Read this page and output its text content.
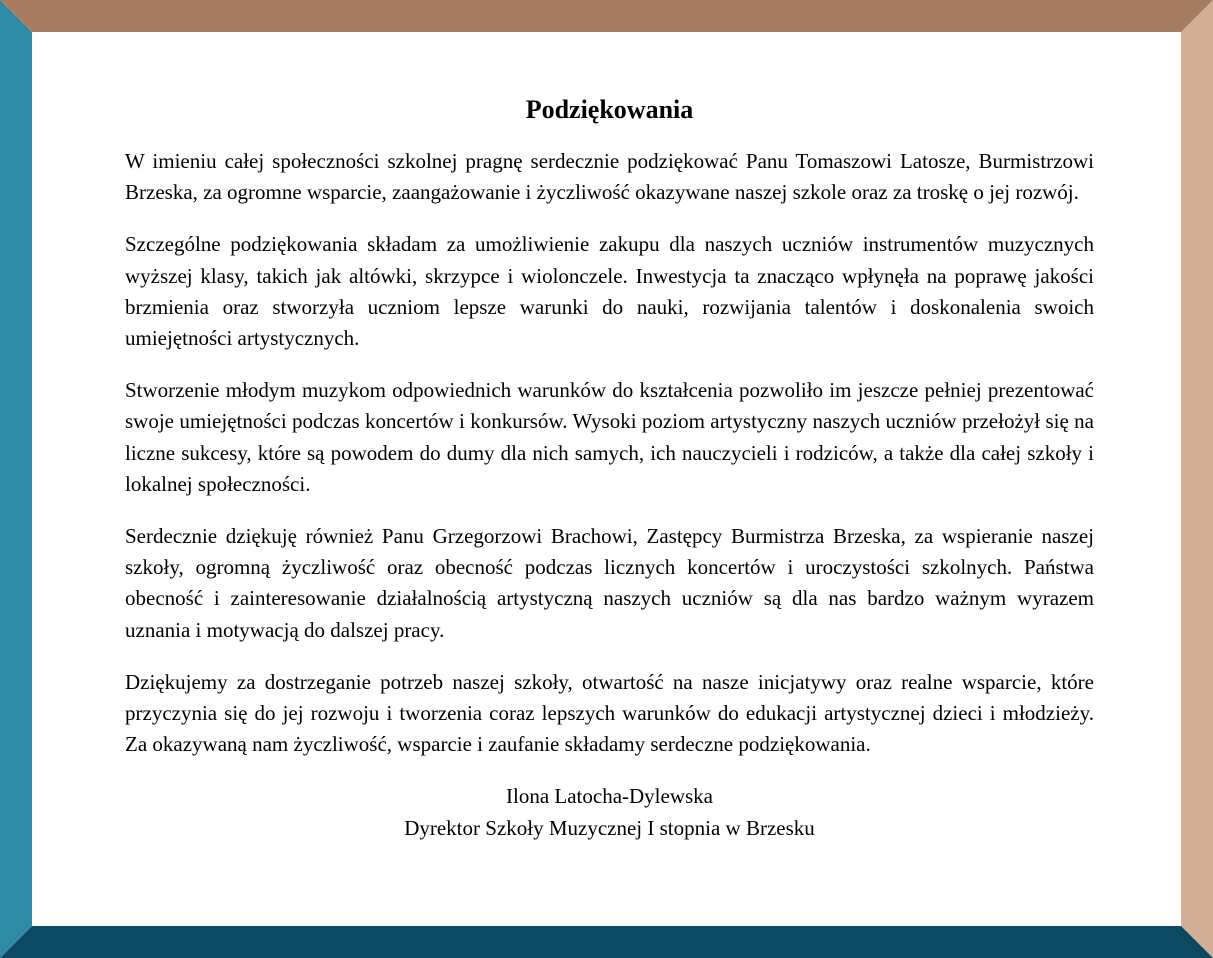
Podziękowania

W imieniu całej społeczności szkolnej pragnę serdecznie podziękować Panu Tomaszowi Latosze, Burmistrzowi Brzeska, za ogromne wsparcie, zaangażowanie i życzliwość okazywane naszej szkole oraz za troskę o jej rozwój.

Szczególne podziękowania składam za umożliwienie zakupu dla naszych uczniów instrumentów muzycznych wyższej klasy, takich jak altówki, skrzypce i wiolonczele. Inwestycja ta znacząco wpłynęła na poprawę jakości brzmienia oraz stworzyła uczniom lepsze warunki do nauki, rozwijania talentów i doskonalenia swoich umiejętności artystycznych.

Stworzenie młodym muzykom odpowiednich warunków do kształcenia pozwoliło im jeszcze pełniej prezentować swoje umiejętności podczas koncertów i konkursów. Wysoki poziom artystyczny naszych uczniów przełożył się na liczne sukcesy, które są powodem do dumy dla nich samych, ich nauczycieli i rodziców, a także dla całej szkoły i lokalnej społeczności.

Serdecznie dziękuję również Panu Grzegorzowi Brachowi, Zastępcy Burmistrza Brzeska, za wspieranie naszej szkoły, ogromną życzliwość oraz obecność podczas licznych koncertów i uroczystości szkolnych. Państwa obecność i zainteresowanie działalnością artystyczną naszych uczniów są dla nas bardzo ważnym wyrazem uznania i motywacją do dalszej pracy.

Dziękujemy za dostrzeganie potrzeb naszej szkoły, otwartość na nasze inicjatywy oraz realne wsparcie, które przyczynia się do jej rozwoju i tworzenia coraz lepszych warunków do edukacji artystycznej dzieci i młodzieży. Za okazywaną nam życzliwość, wsparcie i zaufanie składamy serdeczne podziękowania.

Ilona Latocha-Dylewska
Dyrektor Szkoły Muzycznej I stopnia w Brzesku
